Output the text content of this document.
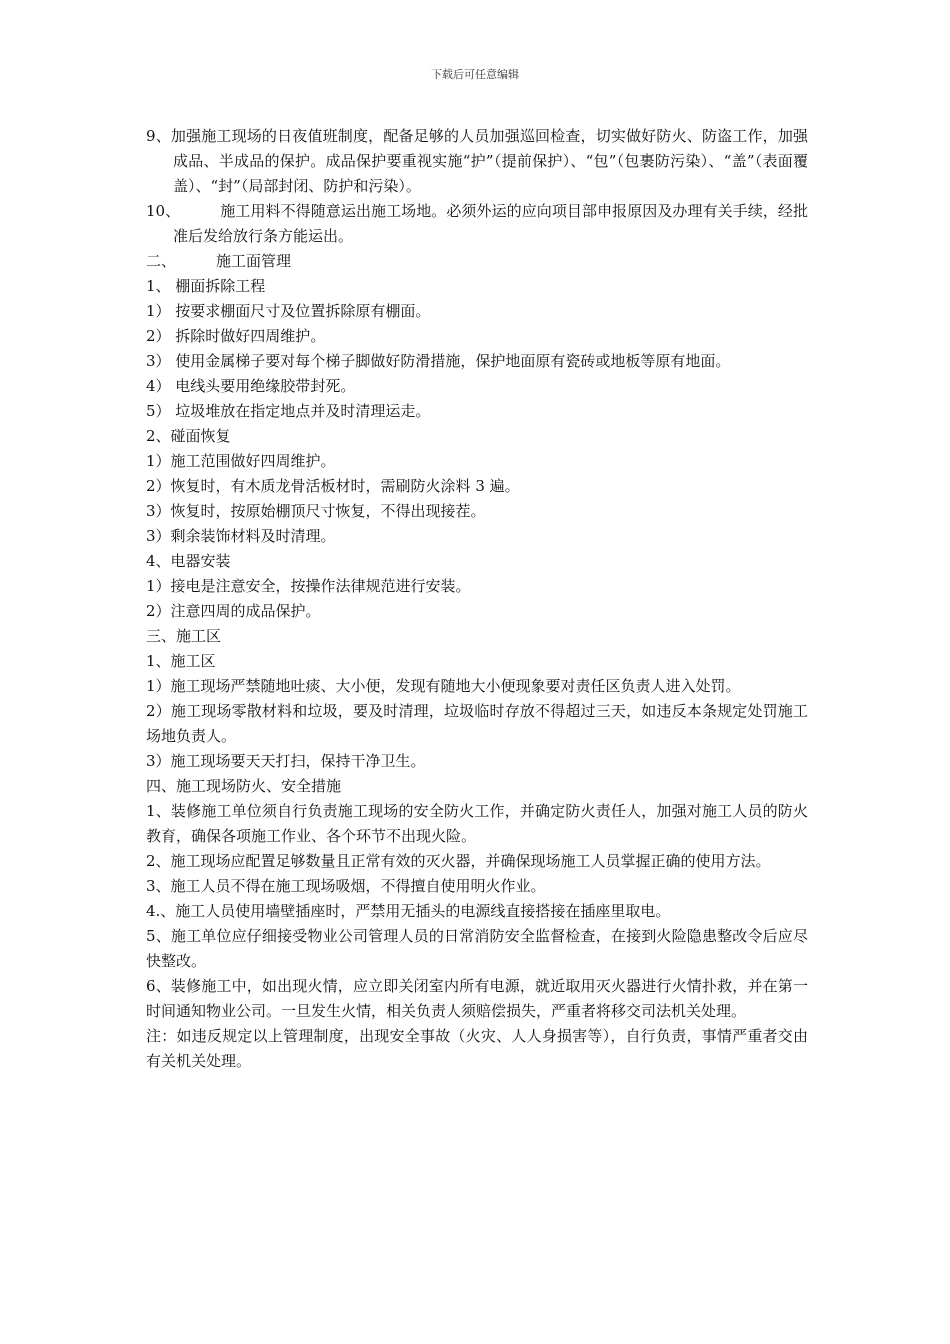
下载后可任意编辑
9、加强施工现场的日夜值班制度，配备足够的人员加强巡回检查，切实做好防火、防盗工作，加强成品、半成品的保护。成品保护要重视实施“护”（提前保护）、“包”（包裹防污染）、“盖”（表面覆盖）、“封”（局部封闭、防护和污染）。
10、	施工用料不得随意运出施工场地。必须外运的应向项目部申报原因及办理有关手续，经批准后发给放行条方能运出。
二、	施工面管理
1、 棚面拆除工程
1） 按要求棚面尺寸及位置拆除原有棚面。
2） 拆除时做好四周维护。
3） 使用金属梯子要对每个梯子脚做好防滑措施，保护地面原有瓷砖或地板等原有地面。
4） 电线头要用绝缘胶带封死。
5） 垃圾堆放在指定地点并及时清理运走。
2、碰面恢复
1）施工范围做好四周维护。
2）恢复时，有木质龙骨活板材时，需刷防火涂料 3 遍。
3）恢复时，按原始棚顶尺寸恢复，不得出现接茬。
3）剩余装饰材料及时清理。
4、电器安装
1）接电是注意安全，按操作法律规范进行安装。
2）注意四周的成品保护。
三、施工区
1、施工区
1）施工现场严禁随地吐痰、大小便，发现有随地大小便现象要对责任区负责人进入处罚。
2）施工现场零散材料和垃圾，要及时清理，垃圾临时存放不得超过三天，如违反本条规定处罚施工场地负责人。
3）施工现场要天天打扫，保持干净卫生。
四、施工现场防火、安全措施
1、装修施工单位须自行负责施工现场的安全防火工作，并确定防火责任人，加强对施工人员的防火教育，确保各项施工作业、各个环节不出现火险。
2、施工现场应配置足够数量且正常有效的灭火器，并确保现场施工人员掌握正确的使用方法。
3、施工人员不得在施工现场吸烟，不得擅自使用明火作业。
4.、施工人员使用墙壁插座时，严禁用无插头的电源线直接搭接在插座里取电。
5、施工单位应仔细接受物业公司管理人员的日常消防安全监督检查，在接到火险隐患整改令后应尽快整改。
6、装修施工中，如出现火情，应立即关闭室内所有电源，就近取用灭火器进行火情扑救，并在第一时间通知物业公司。一旦发生火情，相关负责人须赔偿损失，严重者将移交司法机关处理。
注：如违反规定以上管理制度，出现安全事故（火灾、人人身损害等），自行负责，事情严重者交由有关机关处理。
